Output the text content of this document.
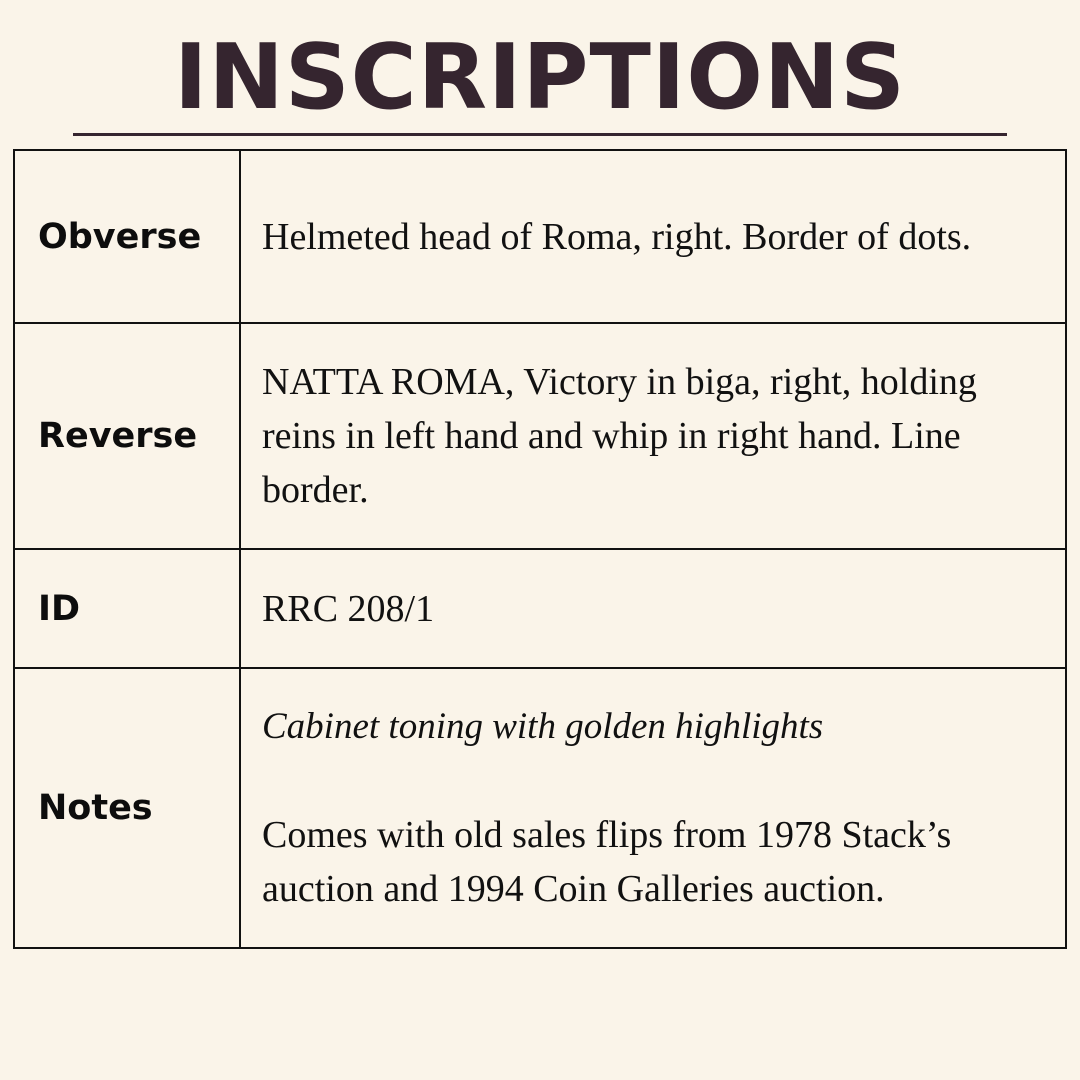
INSCRIPTIONS
Obverse	Helmeted head of Roma, right. Border of dots.

Reverse	NATTA ROMA, Victory in biga, right, holding reins in left hand and whip in right hand. Line border.

ID	RRC 208/1

Notes	Cabinet toning with golden highlights
Comes with old sales flips from 1978 Stack’s auction and 1994 Coin Galleries auction.
